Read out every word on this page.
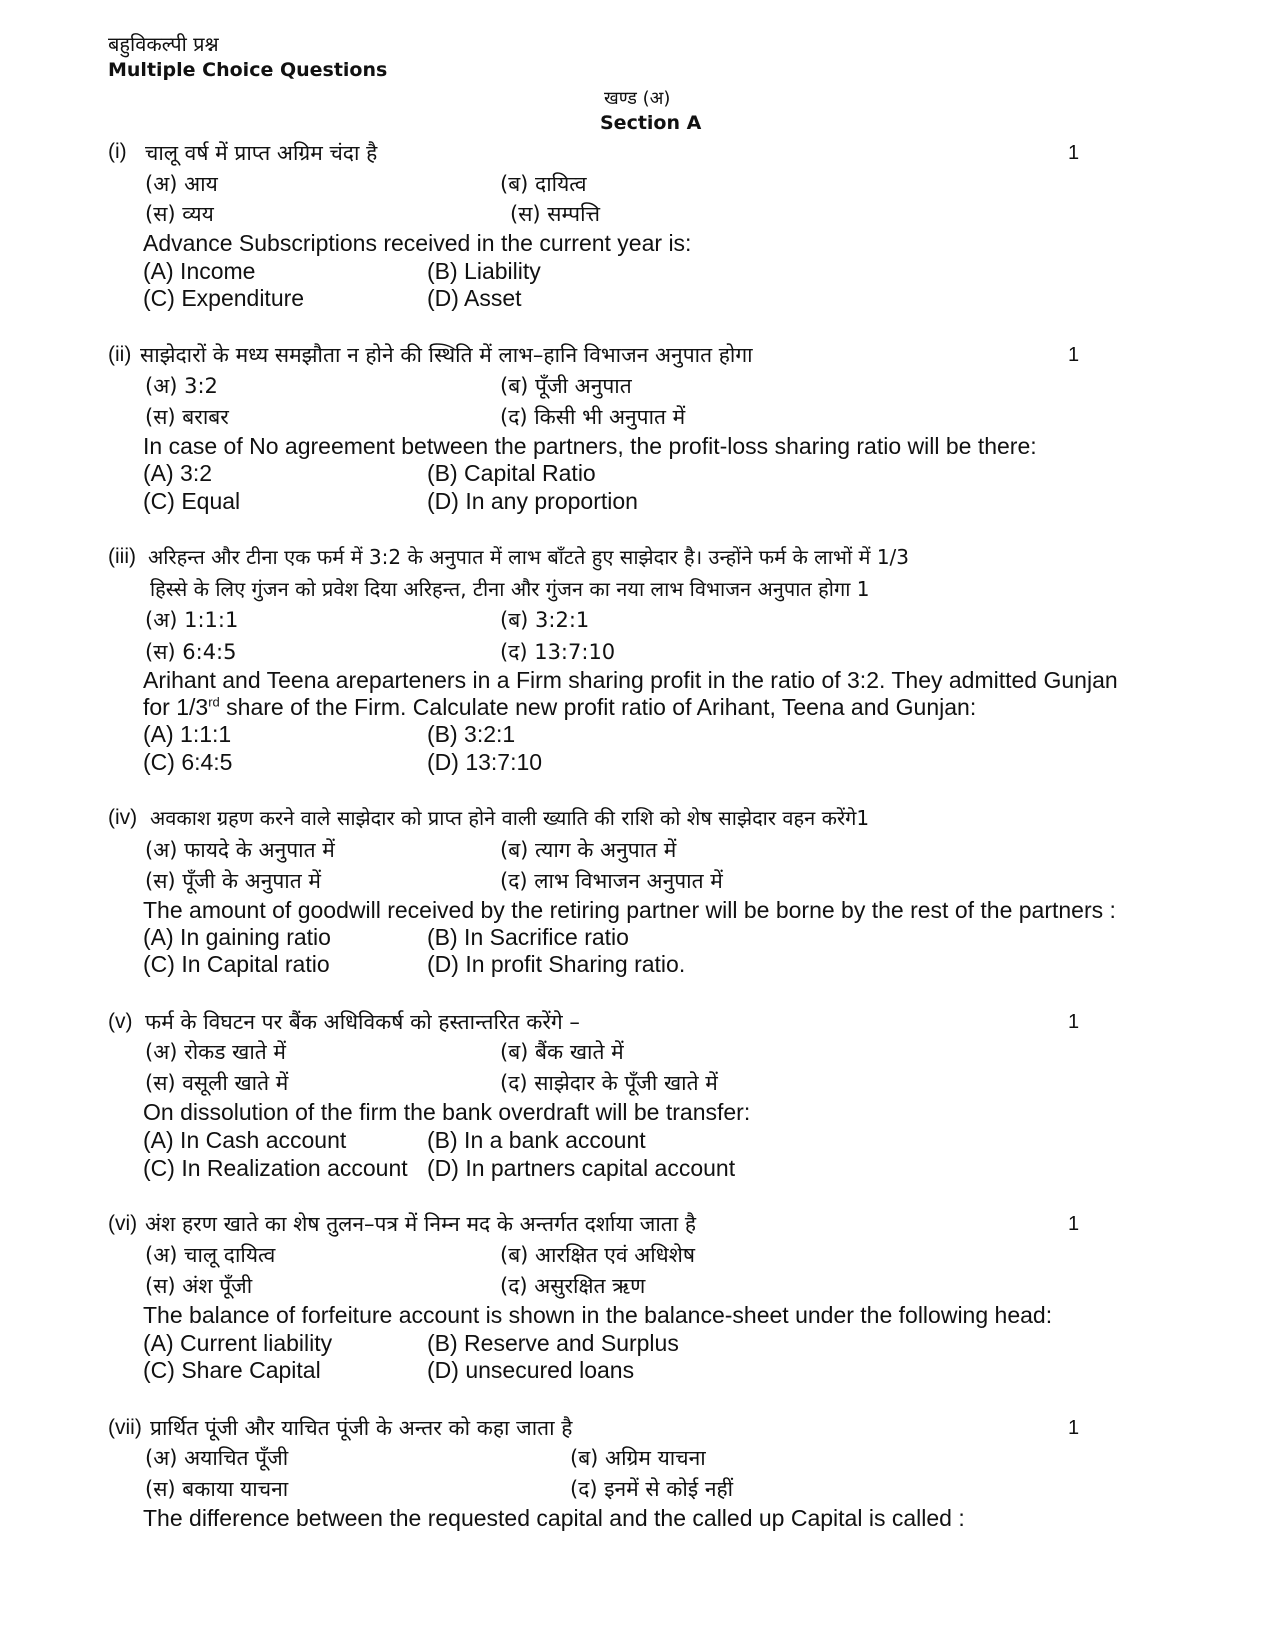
बहुविकल्पी प्रश्न
Multiple Choice Questions
खण्ड (अ)
Section A
(i) चालू वर्ष में प्राप्त अग्रिम चंदा है	1
(अ) आय	(ब) दायित्व
(स) व्यय	(स) सम्पत्ति
Advance Subscriptions received in the current year is:
(A) Income	(B) Liability
(C) Expenditure	(D) Asset
(ii) साझेदारों के मध्य समझौता न होने की स्थिति में लाभ–हानि विभाजन अनुपात होगा	1
(अ) 3:2	(ब) पूँजी अनुपात
(स) बराबर	(द) किसी भी अनुपात में
In case of No agreement between the partners, the profit-loss sharing ratio will be there:
(A) 3:2	(B) Capital Ratio
(C) Equal	(D) In any proportion
(iii) अरिहन्त और टीना एक फर्म में 3:2 के अनुपात में लाभ बाँटते हुए साझेदार है। उन्होंने फर्म के लाभों में 1/3
हिस्से के लिए गुंजन को प्रवेश दिया अरिहन्त, टीना और गुंजन का नया लाभ विभाजन अनुपात होगा 1
(अ) 1:1:1	(ब) 3:2:1
(स) 6:4:5	(द) 13:7:10
Arihant and Teena areparteners in a Firm sharing profit in the ratio of 3:2. They admitted Gunjan
for 1/3rd share of the Firm. Calculate new profit ratio of Arihant, Teena and Gunjan:
(A) 1:1:1	(B) 3:2:1
(C) 6:4:5	(D) 13:7:10
(iv) अवकाश ग्रहण करने वाले साझेदार को प्राप्त होने वाली ख्याति की राशि को शेष साझेदार वहन करेंगे1
(अ) फायदे के अनुपात में	(ब) त्याग के अनुपात में
(स) पूँजी के अनुपात में	(द) लाभ विभाजन अनुपात में
The amount of goodwill received by the retiring partner will be borne by the rest of the partners :
(A) In gaining ratio	(B) In Sacrifice ratio
(C) In Capital ratio	(D) In profit Sharing ratio.
(v) फर्म के विघटन पर बैंक अधिविकर्ष को हस्तान्तरित करेंगे –	1
(अ) रोकड खाते में	(ब) बैंक खाते में
(स) वसूली खाते में	(द) साझेदार के पूँजी खाते में
On dissolution of the firm the bank overdraft will be transfer:
(A) In Cash account	(B) In a bank account
(C) In Realization account (D) In partners capital account
(vi) अंश हरण खाते का शेष तुलन–पत्र में निम्न मद के अन्तर्गत दर्शाया जाता है	1
(अ) चालू दायित्व	(ब) आरक्षित एवं अधिशेष
(स) अंश पूँजी	(द) असुरक्षित ऋण
The balance of forfeiture account is shown in the balance-sheet under the following head:
(A) Current liability	(B) Reserve and Surplus
(C) Share Capital	(D) unsecured loans
(vii) प्रार्थित पूंजी और याचित पूंजी के अन्तर को कहा जाता है	1
(अ) अयाचित पूँजी	(ब) अग्रिम याचना
(स) बकाया याचना	(द) इनमें से कोई नहीं
The difference between the requested capital and the called up Capital is called :
